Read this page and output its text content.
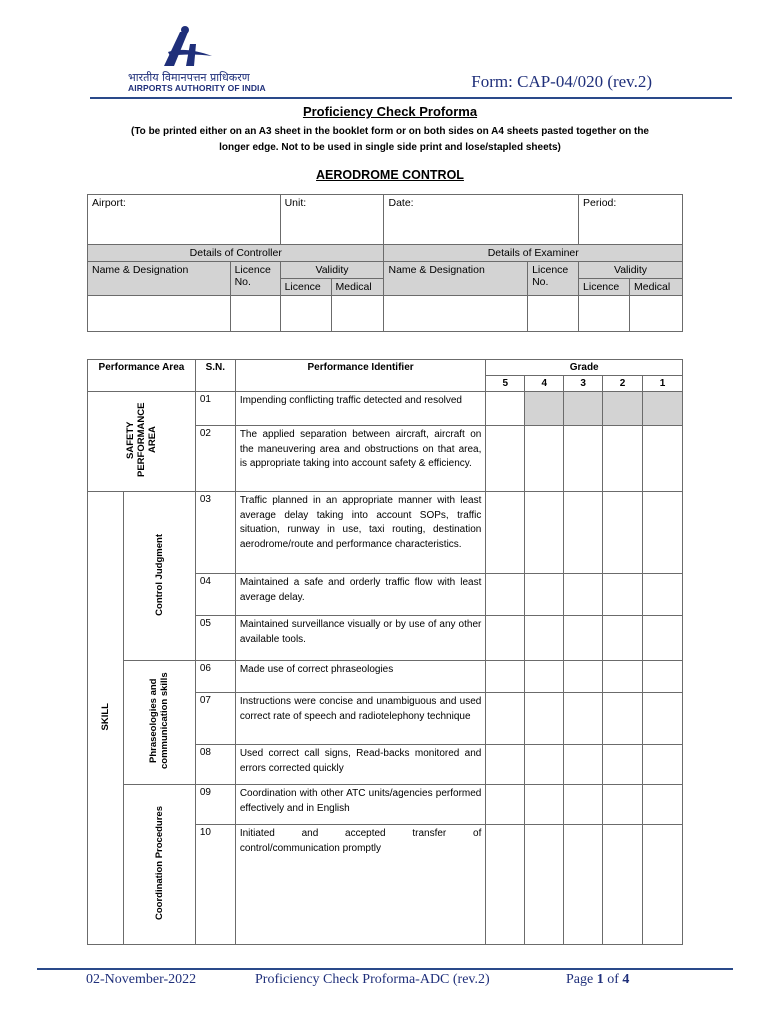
भारतीय विमानपत्तन प्राधिकरण
AIRPORTS AUTHORITY OF INDIA	Form: CAP-04/020 (rev.2)
Proficiency Check Proforma
(To be printed either on an A3 sheet in the booklet form or on both sides on A4 sheets pasted together on the
longer edge. Not to be used in single side print and lose/stapled sheets)
AERODROME CONTROL
Airport:		Unit:		Date:		Period:	
Details of Controller				Details of Examiner			
Name & Designation	Licence No.	Validity		Name & Designation	Licence No.	Validity	
		Licence	Medical			Licence	Medical

Performance Area		S.N.	Performance Identifier	Grade				
				5	4	3	2	1
SAFETY PERFORMANCE AREA		01	Impending conflicting traffic detected and resolved					
		02	The applied separation between aircraft, aircraft on the maneuvering area and obstructions on that area, is appropriate taking into account safety & efficiency.					
SKILL	Control Judgment	03	Traffic planned in an appropriate manner with least average delay taking into account SOPs, traffic situation, runway in use, taxi routing, destination aerodrome/route and performance characteristics.					
		04	Maintained a safe and orderly traffic flow with least average delay.					
		05	Maintained surveillance visually or by use of any other available tools.					
	Phraseologies and communication skills	06	Made use of correct phraseologies					
		07	Instructions were concise and unambiguous and used correct rate of speech and radiotelephony technique					
		08	Used correct call signs, Read-backs monitored and errors corrected quickly					
	Coordination Procedures	09	Coordination with other ATC units/agencies performed effectively and in English					
		10	Initiated and accepted transfer of control/communication promptly					
02-November-2022	Proficiency Check Proforma-ADC (rev.2)	Page 1 of 4
